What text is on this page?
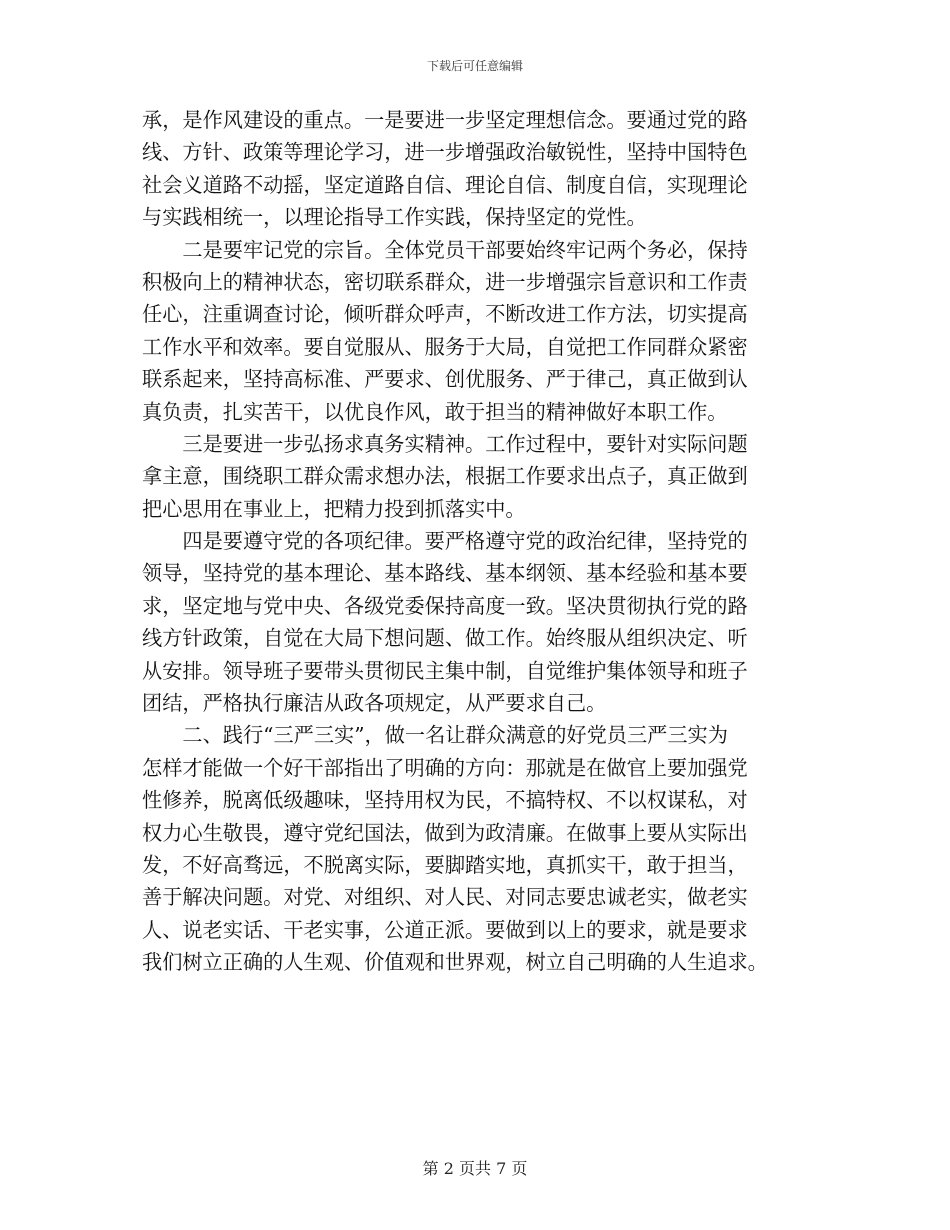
下载后可任意编辑
承，是作风建设的重点。一是要进一步坚定理想信念。要通过党的路
线、方针、政策等理论学习，进一步增强政治敏锐性，坚持中国特色
社会义道路不动摇，坚定道路自信、理论自信、制度自信，实现理论
与实践相统一，以理论指导工作实践，保持坚定的党性。
　　二是要牢记党的宗旨。全体党员干部要始终牢记两个务必，保持
积极向上的精神状态，密切联系群众，进一步增强宗旨意识和工作责
任心，注重调查讨论，倾听群众呼声，不断改进工作方法，切实提高
工作水平和效率。要自觉服从、服务于大局，自觉把工作同群众紧密
联系起来，坚持高标准、严要求、创优服务、严于律己，真正做到认
真负责，扎实苦干，以优良作风，敢于担当的精神做好本职工作。
　　三是要进一步弘扬求真务实精神。工作过程中，要针对实际问题
拿主意，围绕职工群众需求想办法，根据工作要求出点子，真正做到
把心思用在事业上，把精力投到抓落实中。
　　四是要遵守党的各项纪律。要严格遵守党的政治纪律，坚持党的
领导，坚持党的基本理论、基本路线、基本纲领、基本经验和基本要
求，坚定地与党中央、各级党委保持高度一致。坚决贯彻执行党的路
线方针政策，自觉在大局下想问题、做工作。始终服从组织决定、听
从安排。领导班子要带头贯彻民主集中制，自觉维护集体领导和班子
团结，严格执行廉洁从政各项规定，从严要求自己。
　　二、践行“三严三实”，做一名让群众满意的好党员三严三实为
怎样才能做一个好干部指出了明确的方向：那就是在做官上要加强党
性修养，脱离低级趣味，坚持用权为民，不搞特权、不以权谋私，对
权力心生敬畏，遵守党纪国法，做到为政清廉。在做事上要从实际出
发，不好高骛远，不脱离实际，要脚踏实地，真抓实干，敢于担当，
善于解决问题。对党、对组织、对人民、对同志要忠诚老实，做老实
人、说老实话、干老实事，公道正派。要做到以上的要求，就是要求
我们树立正确的人生观、价值观和世界观，树立自己明确的人生追求。
第 2 页共 7 页
